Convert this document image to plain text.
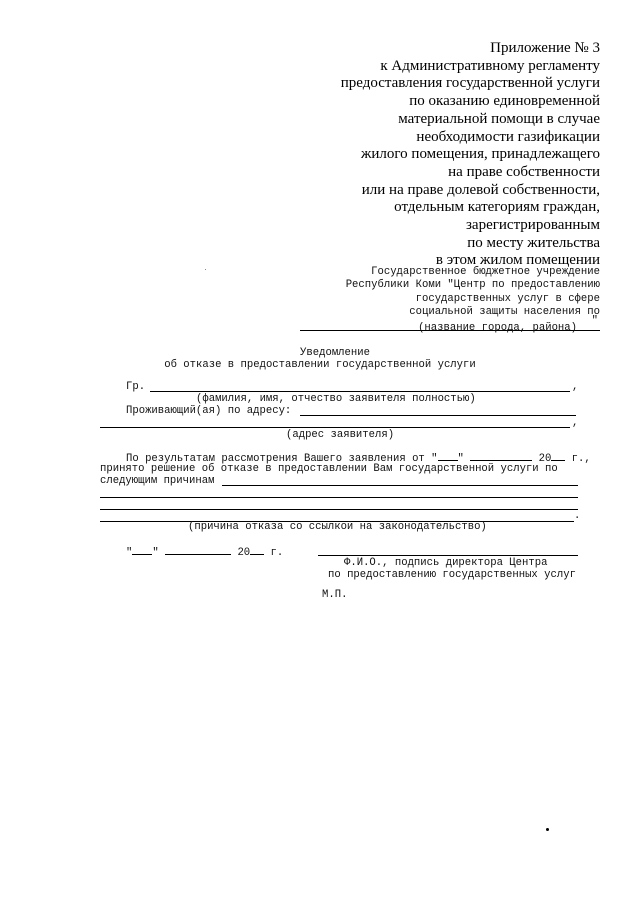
Приложение № 3
к Административному регламенту
предоставления государственной услуги
по оказанию единовременной
материальной помощи в случае
необходимости газификации
жилого помещения, принадлежащего
на праве собственности
или на праве долевой собственности,
отдельным категориям граждан,
зарегистрированным
по месту жительства
в этом жилом помещении
Государственное бюджетное учреждение
Республики Коми "Центр по предоставлению
государственных услуг в сфере
социальной защиты населения по
"
(название города, района)
Уведомление
об отказе в предоставлении государственной услуги
Гр.	,
(фамилия, имя, отчество заявителя полностью)
Проживающий(ая) по адресу:
,
(адрес заявителя)
По результатам рассмотрения Вашего заявления от " "	20 г.,
принято решение об отказе в предоставлении Вам государственной услуги по
следующим причинам
.
(причина отказа со ссылкой на законодательство)
" "	20 г.
Ф.И.О., подпись директора Центра
по предоставлению государственных услуг
М.П.
